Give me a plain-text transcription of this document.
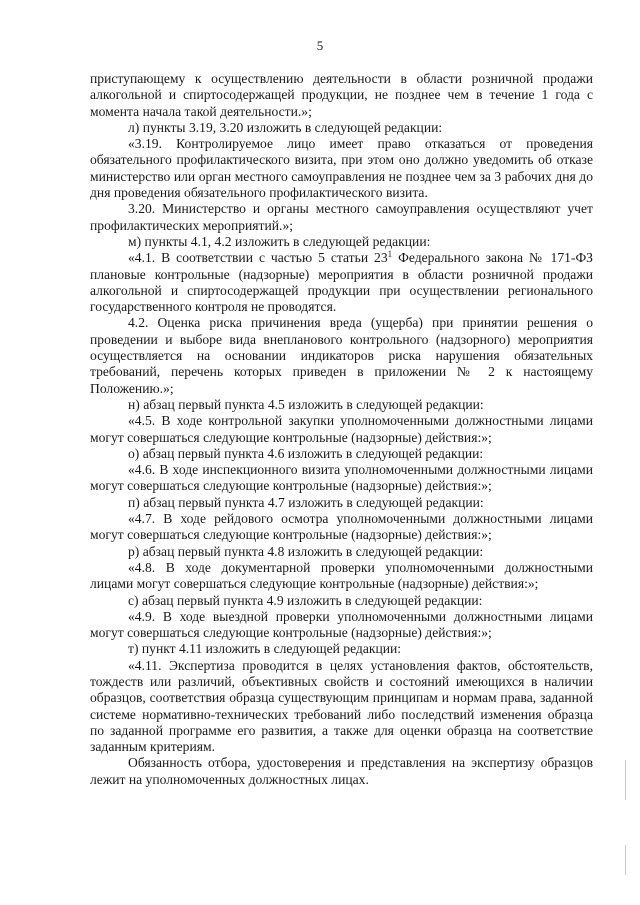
5

приступающему к осуществлению деятельности в области розничной продажи алкогольной и спиртосодержащей продукции, не позднее чем в течение 1 года с момента начала такой деятельности.»;

л) пункты 3.19, 3.20 изложить в следующей редакции:

«3.19. Контролируемое лицо имеет право отказаться от проведения обязательного профилактического визита, при этом оно должно уведомить об отказе министерство или орган местного самоуправления не позднее чем за 3 рабочих дня до дня проведения обязательного профилактического визита.

3.20. Министерство и органы местного самоуправления осуществляют учет профилактических мероприятий.»;

м) пункты 4.1, 4.2 изложить в следующей редакции:

«4.1. В соответствии с частью 5 статьи $23^1$ Федерального закона № 171-ФЗ плановые контрольные (надзорные) мероприятия в области розничной продажи алкогольной и спиртосодержащей продукции при осуществлении регионального государственного контроля не проводятся.

4.2. Оценка риска причинения вреда (ущерба) при принятии решения о проведении и выборе вида внепланового контрольного (надзорного) мероприятия осуществляется на основании индикаторов риска нарушения обязательных требований, перечень которых приведен в приложении № 2 к настоящему Положению.»;

н) абзац первый пункта 4.5 изложить в следующей редакции:

«4.5. В ходе контрольной закупки уполномоченными должностными лицами могут совершаться следующие контрольные (надзорные) действия:»;

о) абзац первый пункта 4.6 изложить в следующей редакции:

«4.6. В ходе инспекционного визита уполномоченными должностными лицами могут совершаться следующие контрольные (надзорные) действия:»;

п) абзац первый пункта 4.7 изложить в следующей редакции:

«4.7. В ходе рейдового осмотра уполномоченными должностными лицами могут совершаться следующие контрольные (надзорные) действия:»;

р) абзац первый пункта 4.8 изложить в следующей редакции:

«4.8. В ходе документарной проверки уполномоченными должностными лицами могут совершаться следующие контрольные (надзорные) действия:»;

с) абзац первый пункта 4.9 изложить в следующей редакции:

«4.9. В ходе выездной проверки уполномоченными должностными лицами могут совершаться следующие контрольные (надзорные) действия:»;

т) пункт 4.11 изложить в следующей редакции:

«4.11. Экспертиза проводится в целях установления фактов, обстоятельств, тождеств или различий, объективных свойств и состояний имеющихся в наличии образцов, соответствия образца существующим принципам и нормам права, заданной системе нормативно-технических требований либо последствий изменения образца по заданной программе его развития, а также для оценки образца на соответствие заданным критериям.

Обязанность отбора, удостоверения и представления на экспертизу образцов лежит на уполномоченных должностных лицах.
